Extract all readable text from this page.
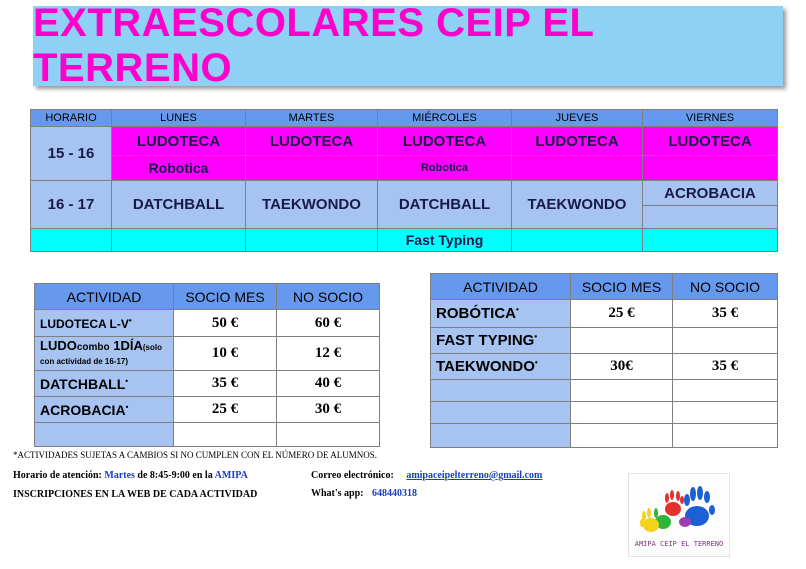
EXTRAESCOLARES CEIP EL TERRENO
HORARIO	LUNES	MARTES	MIÉRCOLES	JUEVES	VIERNES
15 - 16	LUDOTECA	LUDOTECA	LUDOTECA	LUDOTECA	LUDOTECA
	Robotica		Robotica		
16 - 17	DATCHBALL	TAEKWONDO	DATCHBALL	TAEKWONDO	ACROBACIA

			Fast Typing		
ACTIVIDAD	SOCIO MES	NO SOCIO
LUDOTECA L-V•	50 €	60 €
LUDOcombo 1DÍA(solo
con actividad de 16-17)	10 €	12 €
DATCHBALL•	35 €	40 €
ACROBACIA•	25 €	30 €

ACTIVIDAD	SOCIO MES	NO SOCIO
ROBÓTICA•	25 €	35 €
FAST TYPING•		
TAEKWONDO•	30€	35 €

*ACTIVIDADES SUJETAS A CAMBIOS SI NO CUMPLEN CON EL NÚMERO DE ALUMNOS.
Horario de atención: Martes de 8:45-9:00 en la AMIPA
INSCRIPCIONES EN LA WEB DE CADA ACTIVIDAD
Correo electrónico: amipaceipelterreno@gmail.com
What's app: 648440318
AMIPA CEIP EL TERRENO
